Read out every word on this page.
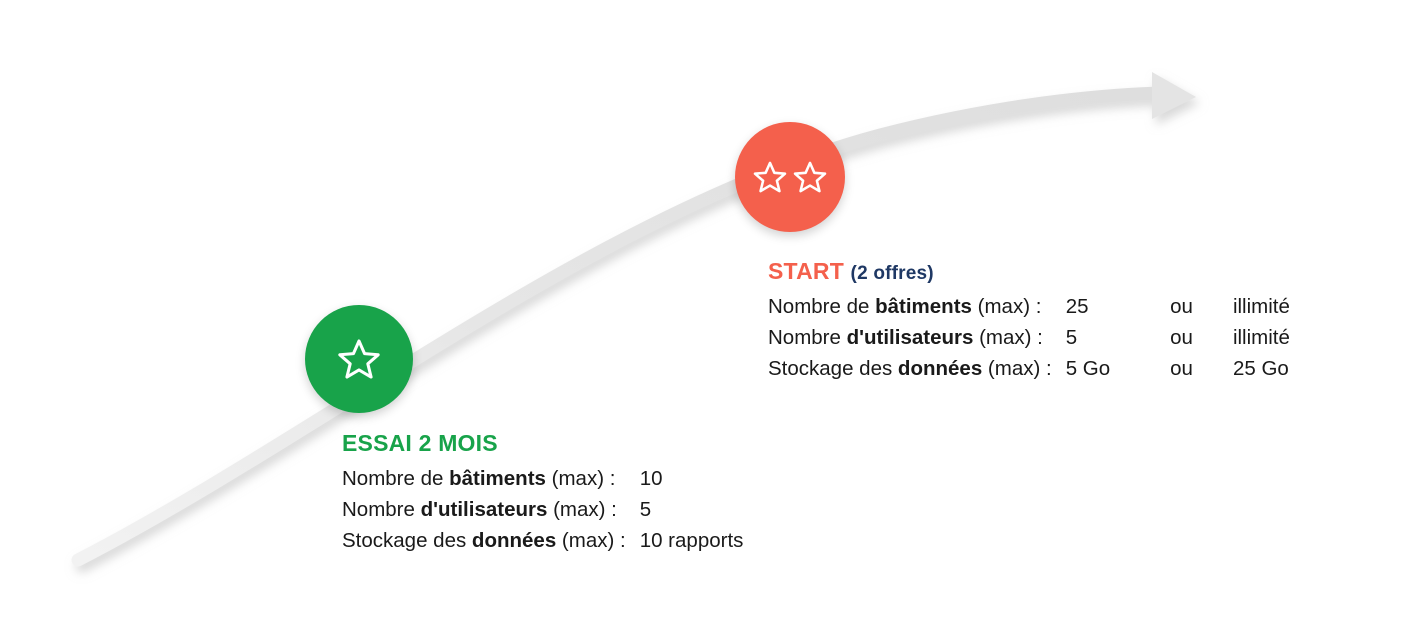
START (2 offres)
Nombre de bâtiments (max) :	25	ou	illimité
Nombre d'utilisateurs (max) :	5	ou	illimité
Stockage des données (max) :	5 Go	ou	25 Go
ESSAI 2 MOIS
Nombre de bâtiments (max) :	10
Nombre d'utilisateurs (max) :	5
Stockage des données (max) :	10 rapports
